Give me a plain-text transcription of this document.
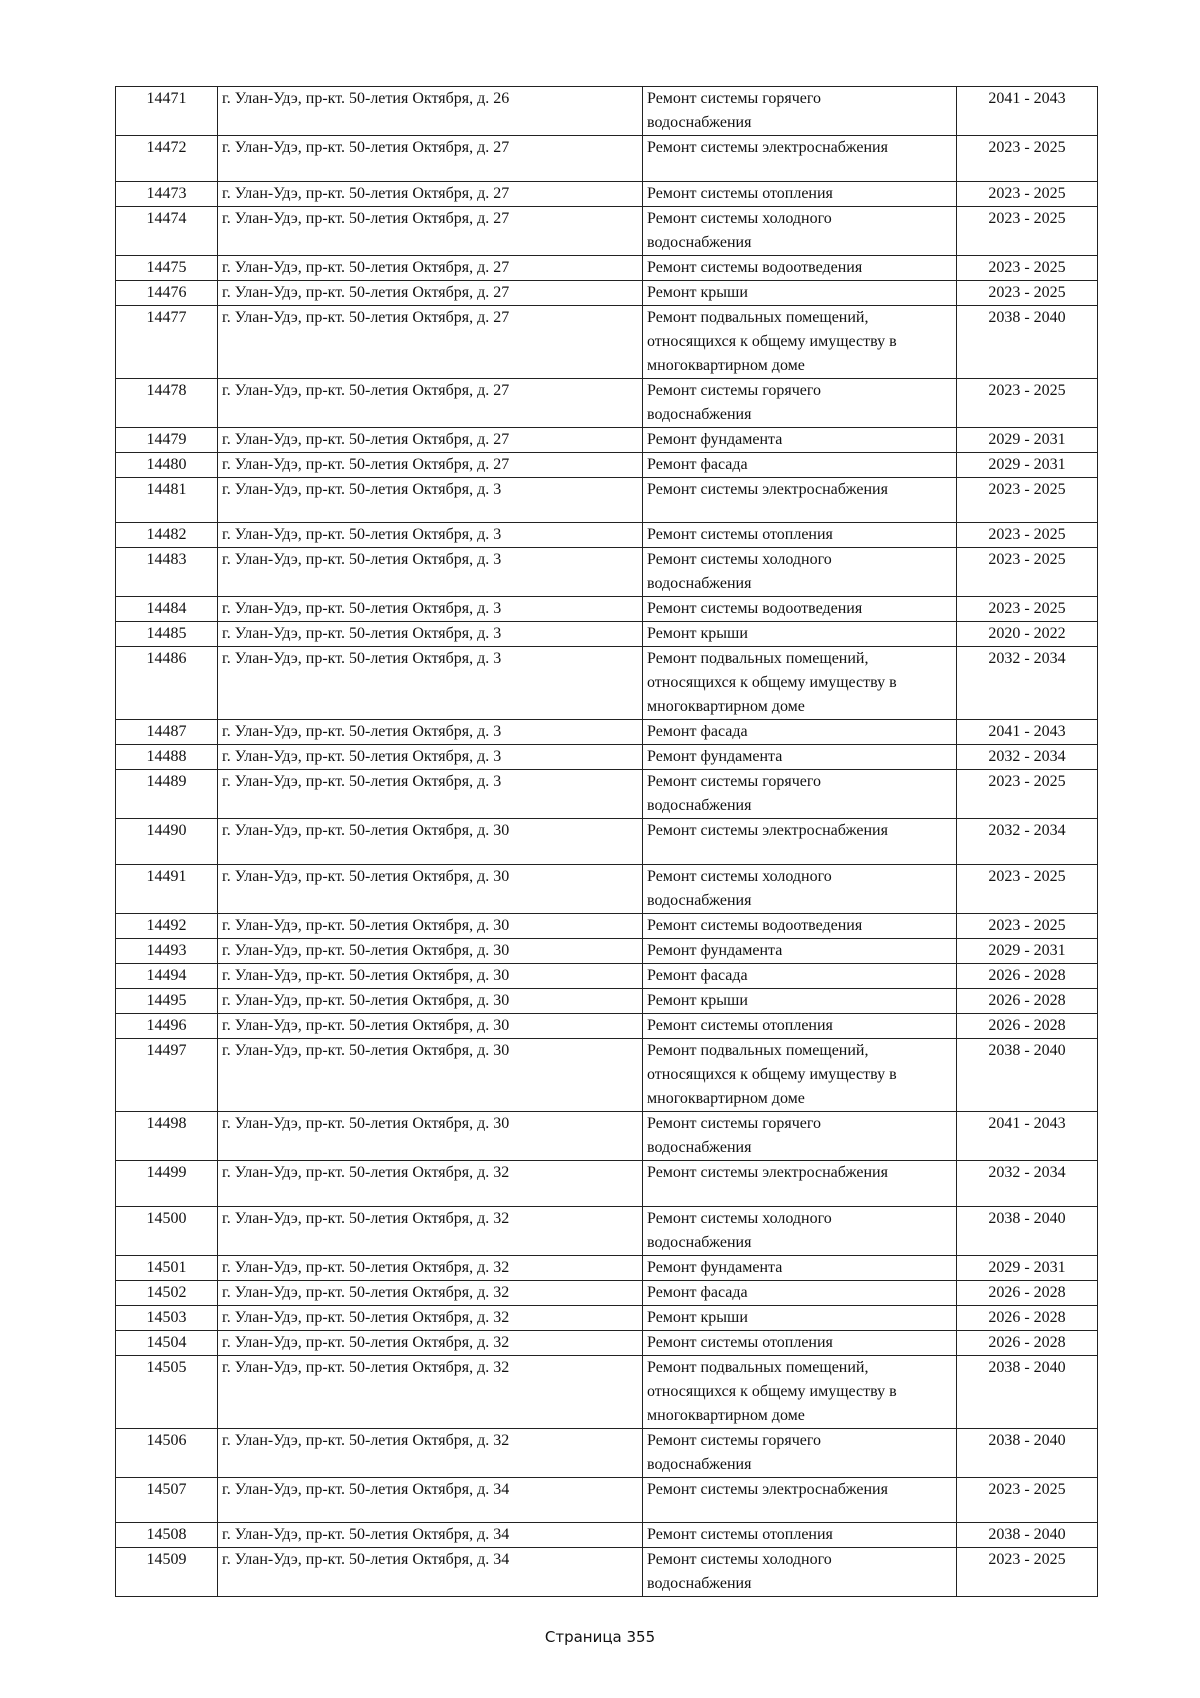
14471	г. Улан-Удэ, пр-кт. 50-летия Октября, д. 26	Ремонт системы горячего
водоснабжения	2041 - 2043
14472	г. Улан-Удэ, пр-кт. 50-летия Октября, д. 27	Ремонт системы электроснабжения	2023 - 2025
14473	г. Улан-Удэ, пр-кт. 50-летия Октября, д. 27	Ремонт системы отопления	2023 - 2025
14474	г. Улан-Удэ, пр-кт. 50-летия Октября, д. 27	Ремонт системы холодного
водоснабжения	2023 - 2025
14475	г. Улан-Удэ, пр-кт. 50-летия Октября, д. 27	Ремонт системы водоотведения	2023 - 2025
14476	г. Улан-Удэ, пр-кт. 50-летия Октября, д. 27	Ремонт крыши	2023 - 2025
14477	г. Улан-Удэ, пр-кт. 50-летия Октября, д. 27	Ремонт подвальных помещений,
относящихся к общему имуществу в
многоквартирном доме	2038 - 2040
14478	г. Улан-Удэ, пр-кт. 50-летия Октября, д. 27	Ремонт системы горячего
водоснабжения	2023 - 2025
14479	г. Улан-Удэ, пр-кт. 50-летия Октября, д. 27	Ремонт фундамента	2029 - 2031
14480	г. Улан-Удэ, пр-кт. 50-летия Октября, д. 27	Ремонт фасада	2029 - 2031
14481	г. Улан-Удэ, пр-кт. 50-летия Октября, д. 3	Ремонт системы электроснабжения	2023 - 2025
14482	г. Улан-Удэ, пр-кт. 50-летия Октября, д. 3	Ремонт системы отопления	2023 - 2025
14483	г. Улан-Удэ, пр-кт. 50-летия Октября, д. 3	Ремонт системы холодного
водоснабжения	2023 - 2025
14484	г. Улан-Удэ, пр-кт. 50-летия Октября, д. 3	Ремонт системы водоотведения	2023 - 2025
14485	г. Улан-Удэ, пр-кт. 50-летия Октября, д. 3	Ремонт крыши	2020 - 2022
14486	г. Улан-Удэ, пр-кт. 50-летия Октября, д. 3	Ремонт подвальных помещений,
относящихся к общему имуществу в
многоквартирном доме	2032 - 2034
14487	г. Улан-Удэ, пр-кт. 50-летия Октября, д. 3	Ремонт фасада	2041 - 2043
14488	г. Улан-Удэ, пр-кт. 50-летия Октября, д. 3	Ремонт фундамента	2032 - 2034
14489	г. Улан-Удэ, пр-кт. 50-летия Октября, д. 3	Ремонт системы горячего
водоснабжения	2023 - 2025
14490	г. Улан-Удэ, пр-кт. 50-летия Октября, д. 30	Ремонт системы электроснабжения	2032 - 2034
14491	г. Улан-Удэ, пр-кт. 50-летия Октября, д. 30	Ремонт системы холодного
водоснабжения	2023 - 2025
14492	г. Улан-Удэ, пр-кт. 50-летия Октября, д. 30	Ремонт системы водоотведения	2023 - 2025
14493	г. Улан-Удэ, пр-кт. 50-летия Октября, д. 30	Ремонт фундамента	2029 - 2031
14494	г. Улан-Удэ, пр-кт. 50-летия Октября, д. 30	Ремонт фасада	2026 - 2028
14495	г. Улан-Удэ, пр-кт. 50-летия Октября, д. 30	Ремонт крыши	2026 - 2028
14496	г. Улан-Удэ, пр-кт. 50-летия Октября, д. 30	Ремонт системы отопления	2026 - 2028
14497	г. Улан-Удэ, пр-кт. 50-летия Октября, д. 30	Ремонт подвальных помещений,
относящихся к общему имуществу в
многоквартирном доме	2038 - 2040
14498	г. Улан-Удэ, пр-кт. 50-летия Октября, д. 30	Ремонт системы горячего
водоснабжения	2041 - 2043
14499	г. Улан-Удэ, пр-кт. 50-летия Октября, д. 32	Ремонт системы электроснабжения	2032 - 2034
14500	г. Улан-Удэ, пр-кт. 50-летия Октября, д. 32	Ремонт системы холодного
водоснабжения	2038 - 2040
14501	г. Улан-Удэ, пр-кт. 50-летия Октября, д. 32	Ремонт фундамента	2029 - 2031
14502	г. Улан-Удэ, пр-кт. 50-летия Октября, д. 32	Ремонт фасада	2026 - 2028
14503	г. Улан-Удэ, пр-кт. 50-летия Октября, д. 32	Ремонт крыши	2026 - 2028
14504	г. Улан-Удэ, пр-кт. 50-летия Октября, д. 32	Ремонт системы отопления	2026 - 2028
14505	г. Улан-Удэ, пр-кт. 50-летия Октября, д. 32	Ремонт подвальных помещений,
относящихся к общему имуществу в
многоквартирном доме	2038 - 2040
14506	г. Улан-Удэ, пр-кт. 50-летия Октября, д. 32	Ремонт системы горячего
водоснабжения	2038 - 2040
14507	г. Улан-Удэ, пр-кт. 50-летия Октября, д. 34	Ремонт системы электроснабжения	2023 - 2025
14508	г. Улан-Удэ, пр-кт. 50-летия Октября, д. 34	Ремонт системы отопления	2038 - 2040
14509	г. Улан-Удэ, пр-кт. 50-летия Октября, д. 34	Ремонт системы холодного
водоснабжения	2023 - 2025
Страница 355
